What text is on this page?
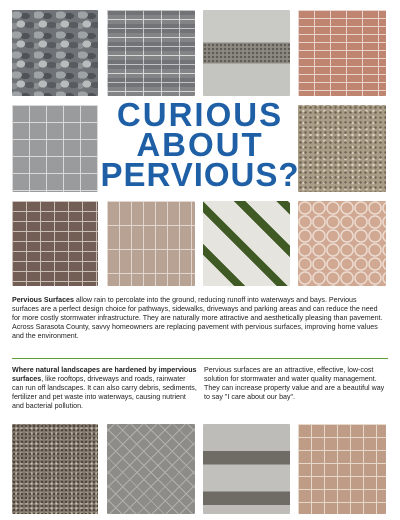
CURIOUS
ABOUT
PERVIOUS?
Pervious Surfaces allow rain to percolate into the ground, reducing runoff into waterways and bays. Pervious surfaces are a perfect design choice for pathways, sidewalks, driveways and parking areas and can reduce the need for more costly stormwater infrastructure. They are naturally more attractive and aesthetically pleasing than pavement. Across Sarasota County, savvy homeowners are replacing pavement with pervious surfaces, improving home values and the environment.
Where natural landscapes are hardened by impervious surfaces, like rooftops, driveways and roads, rainwater can run off landscapes. It can also carry debris, sediments, fertilizer and pet waste into waterways, causing nutrient and bacterial pollution.
Pervious surfaces are an attractive, effective, low-cost solution for stormwater and water quality management. They can increase property value and are a beautiful way to say "I care about our bay".
